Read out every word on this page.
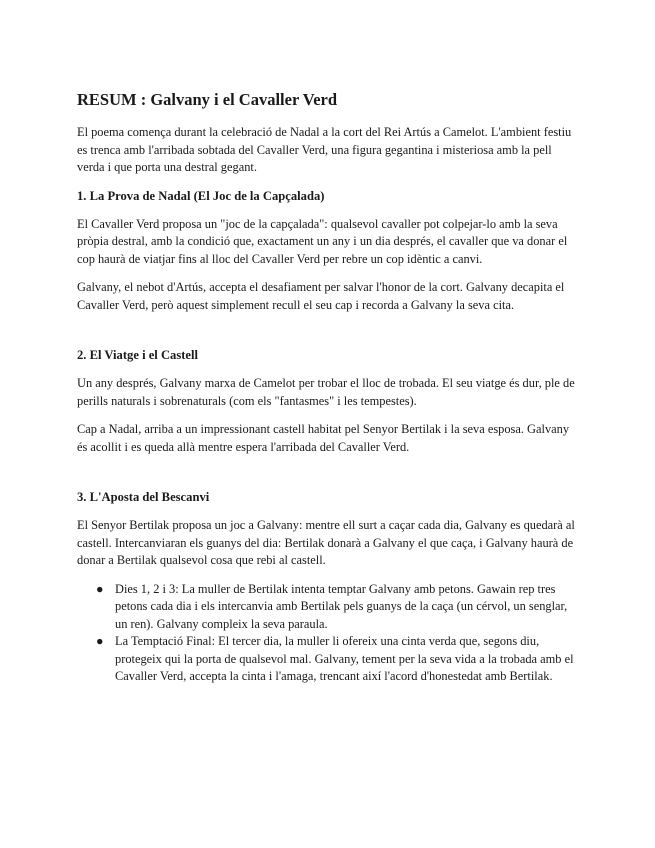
RESUM : Galvany i el Cavaller Verd

El poema comença durant la celebració de Nadal a la cort del Rei Artús a Camelot. L'ambient festiu es trenca amb l'arribada sobtada del Cavaller Verd, una figura gegantina i misteriosa amb la pell verda i que porta una destral gegant.

1. La Prova de Nadal (El Joc de la Capçalada)

El Cavaller Verd proposa un "joc de la capçalada": qualsevol cavaller pot colpejar-lo amb la seva pròpia destral, amb la condició que, exactament un any i un dia després, el cavaller que va donar el cop haurà de viatjar fins al lloc del Cavaller Verd per rebre un cop idèntic a canvi.

Galvany, el nebot d'Artús, accepta el desafiament per salvar l'honor de la cort. Galvany decapita el Cavaller Verd, però aquest simplement recull el seu cap i recorda a Galvany la seva cita.

2. El Viatge i el Castell

Un any després, Galvany marxa de Camelot per trobar el lloc de trobada. El seu viatge és dur, ple de perills naturals i sobrenaturals (com els "fantasmes" i les tempestes).

Cap a Nadal, arriba a un impressionant castell habitat pel Senyor Bertilak i la seva esposa. Galvany és acollit i es queda allà mentre espera l'arribada del Cavaller Verd.

3. L'Aposta del Bescanvi

El Senyor Bertilak proposa un joc a Galvany: mentre ell surt a caçar cada dia, Galvany es quedarà al castell. Intercanviaran els guanys del dia: Bertilak donarà a Galvany el que caça, i Galvany haurà de donar a Bertilak qualsevol cosa que rebi al castell.

● Dies 1, 2 i 3: La muller de Bertilak intenta temptar Galvany amb petons. Gawain rep tres petons cada dia i els intercanvia amb Bertilak pels guanys de la caça (un cérvol, un senglar, un ren). Galvany compleix la seva paraula.
● La Temptació Final: El tercer dia, la muller li ofereix una cinta verda que, segons diu, protegeix qui la porta de qualsevol mal. Galvany, tement per la seva vida a la trobada amb el Cavaller Verd, accepta la cinta i l'amaga, trencant així l'acord d'honestedat amb Bertilak.
